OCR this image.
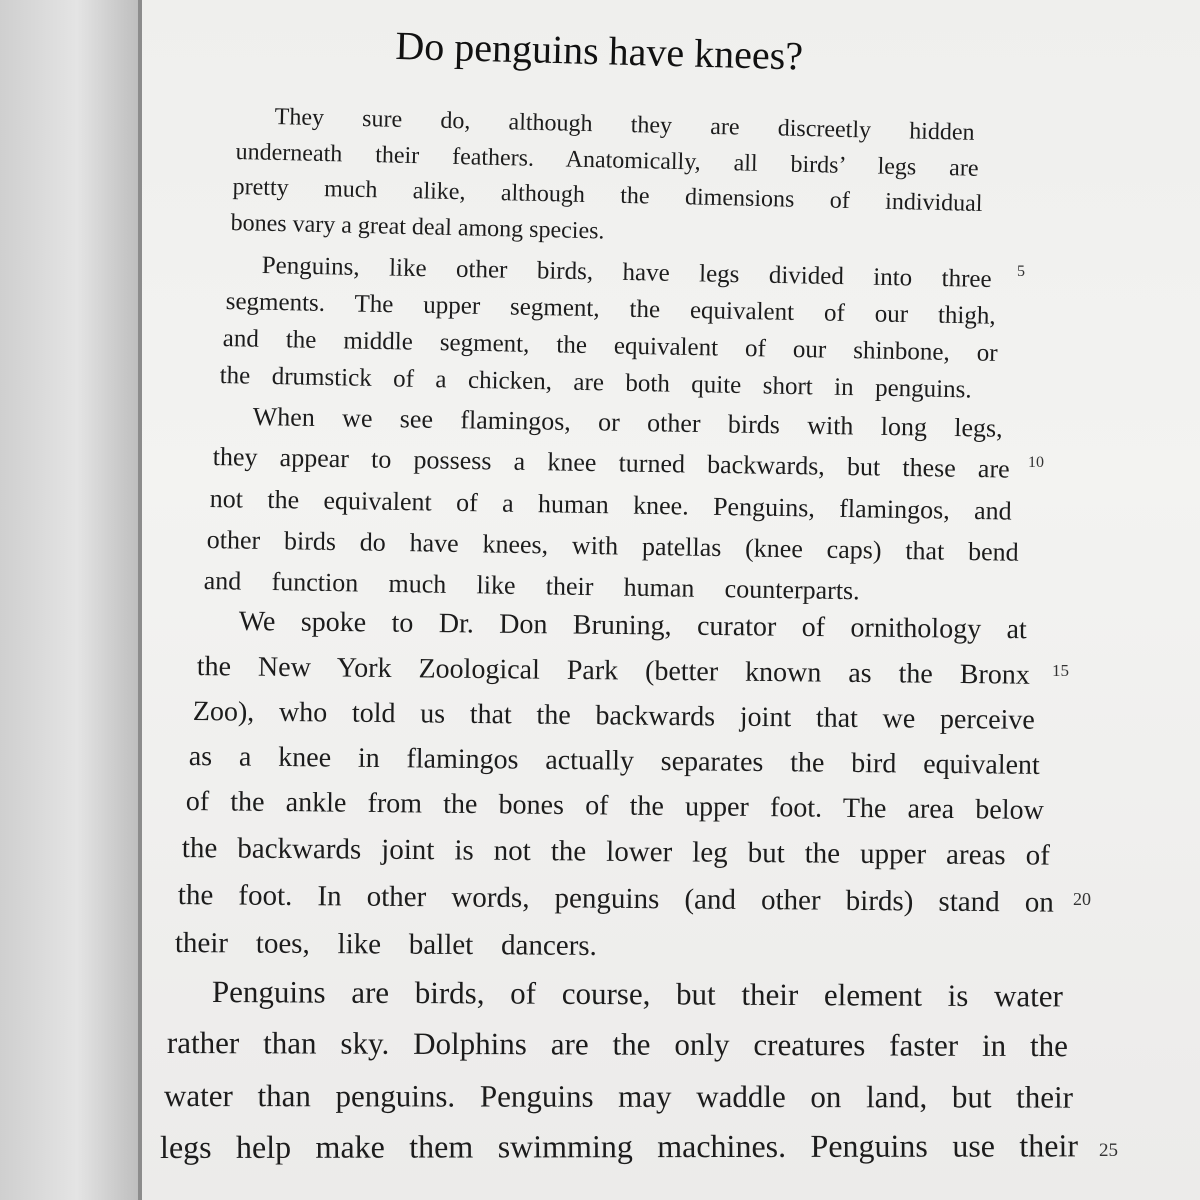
Do penguins have knees?
They sure do, although they are discreetly hidden
underneath their feathers. Anatomically, all birds’ legs are
pretty much alike, although the dimensions of individual
bones vary a great deal among species.
Penguins, like other birds, have legs divided into three
segments. The upper segment, the equivalent of our thigh,
and the middle segment, the equivalent of our shinbone, or
the drumstick of a chicken, are both quite short in penguins.
When we see flamingos, or other birds with long legs,
they appear to possess a knee turned backwards, but these are
not the equivalent of a human knee. Penguins, flamingos, and
other birds do have knees, with patellas (knee caps) that bend
and function much like their human counterparts.
We spoke to Dr. Don Bruning, curator of ornithology at
the New York Zoological Park (better known as the Bronx
Zoo), who told us that the backwards joint that we perceive
as a knee in flamingos actually separates the bird equivalent
of the ankle from the bones of the upper foot. The area below
the backwards joint is not the lower leg but the upper areas of
the foot. In other words, penguins (and other birds) stand on
their toes, like ballet dancers.
Penguins are birds, of course, but their element is water
rather than sky. Dolphins are the only creatures faster in the
water than penguins. Penguins may waddle on land, but their
legs help make them swimming machines. Penguins use their
5
10
15
20
25
